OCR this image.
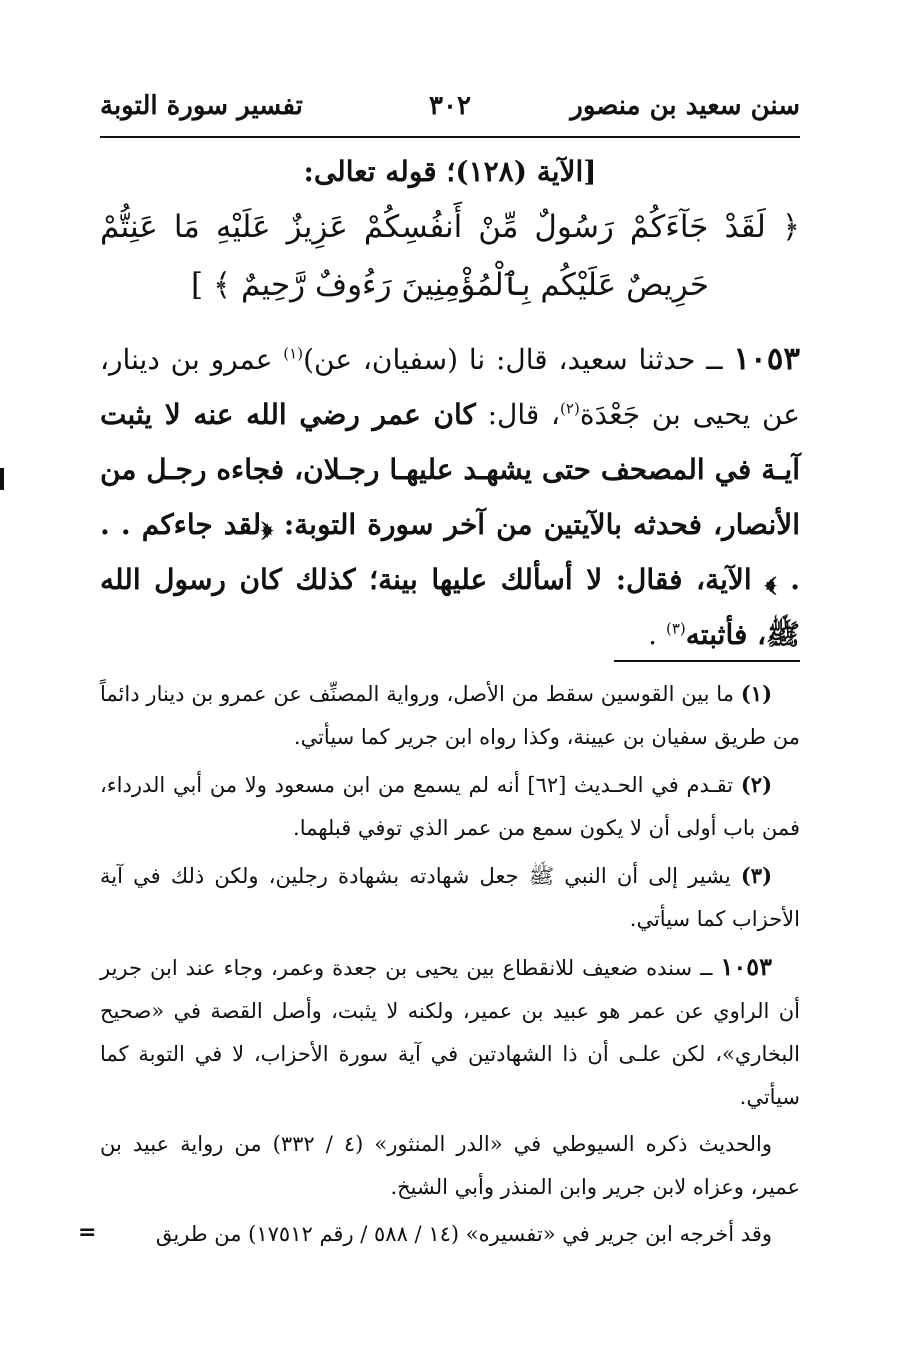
سنن سعيد بن منصور
٣٠٢
تفسير سورة التوبة
[الآية (١٢٨)؛ قوله تعالى:
﴿ لَقَدْ جَآءَكُمْ رَسُولٌ مِّنْ أَنفُسِكُمْ عَزِيزٌ عَلَيْهِ مَا عَنِتُّمْ
حَرِيصٌ عَلَيْكُم بِٱلْمُؤْمِنِينَ رَءُوفٌ رَّحِيمٌ ﴾ ]
١٠٥٣ ــ حدثنا سعيد، قال: نا (سفيان، عن)$^{(١)}$ عمرو بن دينار، عن يحيى بن جَعْدَة$^{(٢)}$، قال: كان عمر رضي الله عنه لا يثبت آيـة في المصحف حتى يشهـد عليهـا رجـلان، فجاءه رجـل من الأنصار، فحدثه بالآيتين من آخر سورة التوبة: ﴿لقد جاءكم . . . ﴾ الآية، فقال: لا أسألك عليها بينة؛ كذلك كان رسول الله ﷺ، فأثبته$^{(٣)}$ .

(١) ما بين القوسين سقط من الأصل، ورواية المصنِّف عن عمرو بن دينار دائماً من طريق سفيان بن عيينة، وكذا رواه ابن جرير كما سيأتي.

(٢) تقـدم في الحـديث [٦٢] أنه لم يسمع من ابن مسعود ولا من أبي الدرداء، فمن باب أولى أن لا يكون سمع من عمر الذي توفي قبلهما.

(٣) يشير إلى أن النبي ﷺ جعل شهادته بشهادة رجلين، ولكن ذلك في آية الأحزاب كما سيأتي.

١٠٥٣ ــ سنده ضعيف للانقطاع بين يحيى بن جعدة وعمر، وجاء عند ابن جرير أن الراوي عن عمر هو عبيد بن عمير، ولكنه لا يثبت، وأصل القصة في «صحيح البخاري»، لكن علـى أن ذا الشهادتين في آية سورة الأحزاب، لا في التوبة كما سيأتي.

والحديث ذكره السيوطي في «الدر المنثور» (٤ / ٣٣٢) من رواية عبيد بن عمير، وعزاه لابن جرير وابن المنذر وأبي الشيخ.

وقد أخرجه ابن جرير في «تفسيره» (١٤ / ٥٨٨ / رقم ١٧٥١٢) من طريق

=
